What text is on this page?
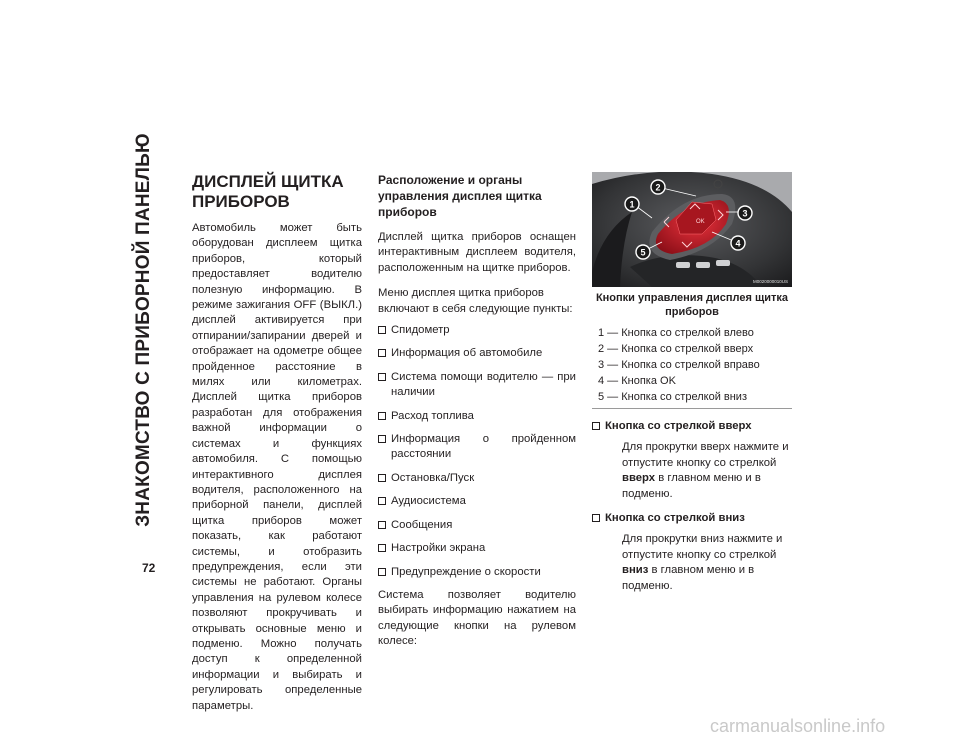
ЗНАКОМСТВО С ПРИБОРНОЙ ПАНЕЛЬЮ ДИСПЛЕЙ ЩИТКА ПРИБОРОВ

Автомобиль может быть оборудован дисплеем щитка приборов, который предоставляет водителю полезную информацию. В режиме зажигания OFF (ВЫКЛ.) дисплей активируется при отпирании/запирании дверей и отображает на одометре общее пройденное расстояние в милях или километрах. Дисплей щитка приборов разработан для отображения важной информации о системах и функциях автомобиля. С помощью интерактивного дисплея водителя, расположенного на приборной панели, дисплей щитка приборов может показать, как работают системы, и отобразить предупреждения, если эти системы не работают. Органы управления на рулевом колесе позволяют прокручивать и открывать основные меню и подменю. Можно получать доступ к определенной информации и выбирать и регулировать определенные параметры.

Расположение и органы управления дисплея щитка приборов

Дисплей щитка приборов оснащен интерактивным дисплеем водителя, расположенным на щитке приборов.

Меню дисплея щитка приборов включают в себя следующие пункты:

Спидометр
Информация об автомобиле
Система помощи водителю — при наличии
Расход топлива
Информация о пройденном расстоянии
Остановка/Пуск
Аудиосистема
Сообщения
Настройки экрана
Предупреждение о скорости

Система позволяет водителю выбирать информацию нажатием на следующие кнопки на рулевом колесе:

OK
1
2
3
4
5
M0020000010US
Кнопки управления дисплея щитка приборов
1 — Кнопка со стрелкой влево
2 — Кнопка со стрелкой вверх
3 — Кнопка со стрелкой вправо
4 — Кнопка OK
5 — Кнопка со стрелкой вниз
Кнопка со стрелкой вверх
Для прокрутки вверх нажмите и отпустите кнопку со стрелкой вверх в главном меню и в подменю.
Кнопка со стрелкой вниз
Для прокрутки вниз нажмите и отпустите кнопку со стрелкой вниз в главном меню и в подменю.
72
carmanualsonline.info
